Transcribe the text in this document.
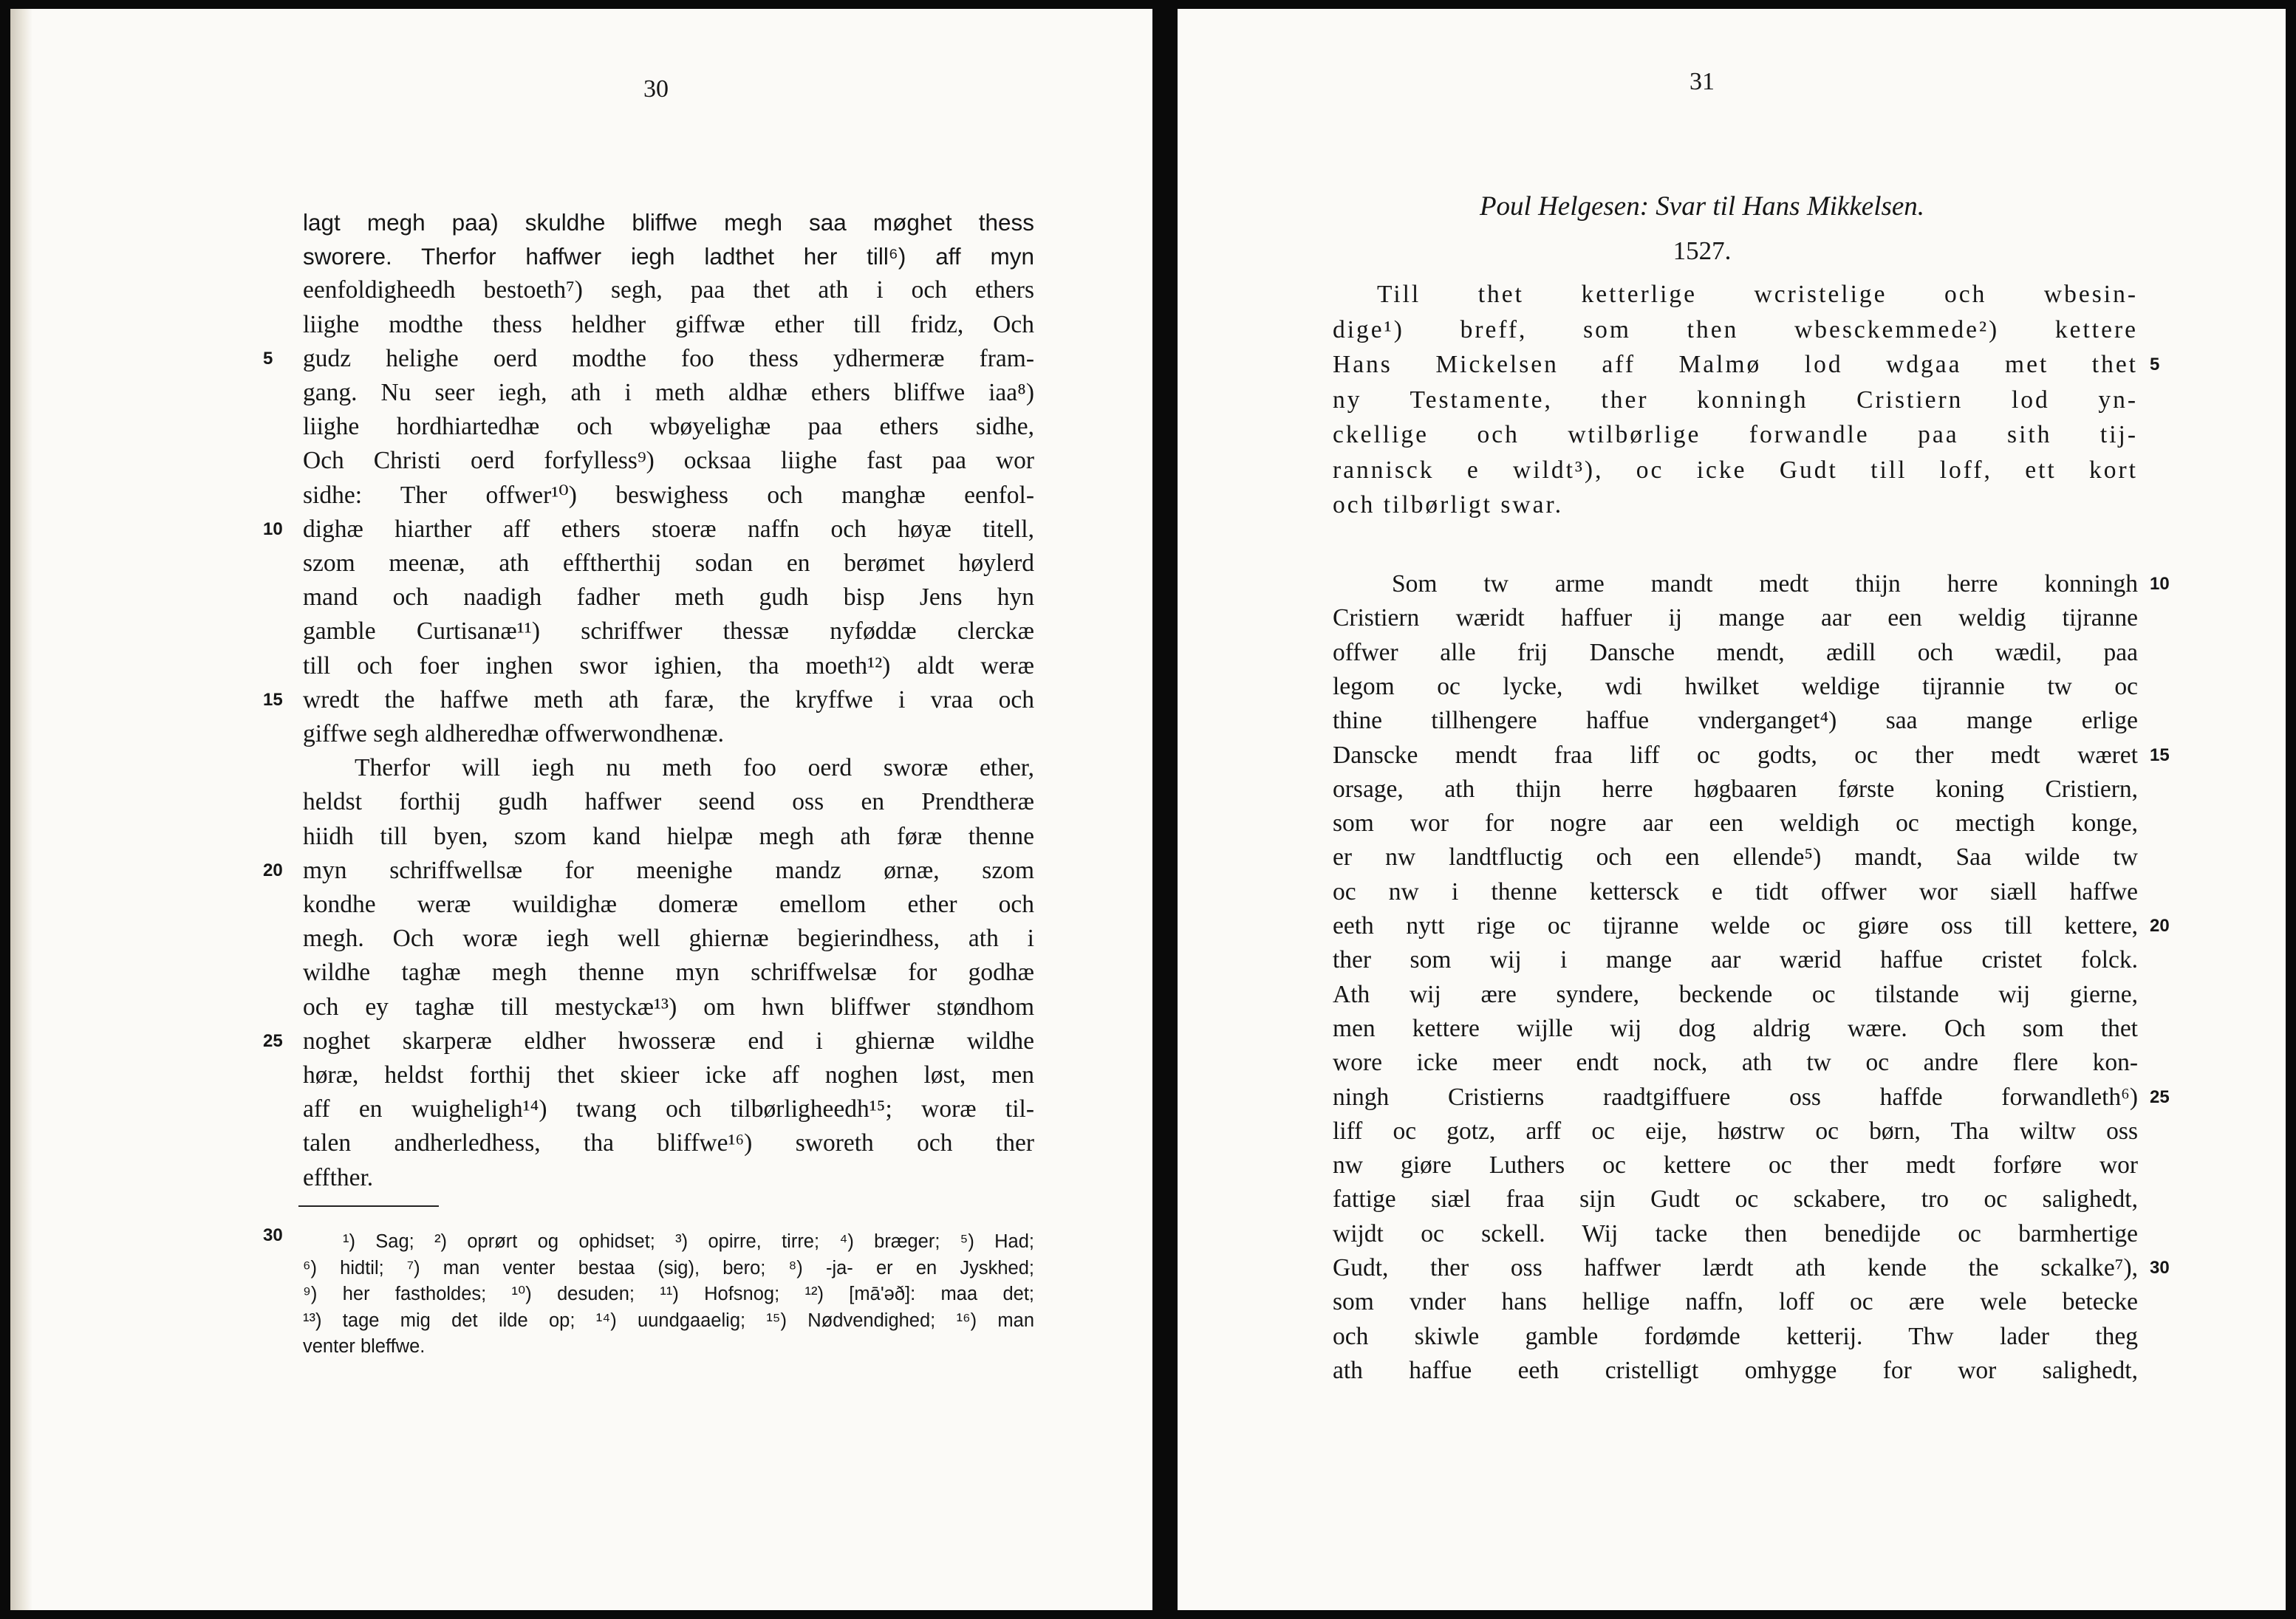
30
lagt megh paa) skuldhe bliffwe megh saa møghet thess
sworere. Therfor haffwer iegh ladthet her till⁶) aff myn
eenfoldigheedh bestoeth⁷) segh, paa thet ath i och ethers
liighe modthe thess heldher giffwæ ether till fridz, Och
gudz helighe oerd modthe foo thess ydhermeræ fram-
gang. Nu seer iegh, ath i meth aldhæ ethers bliffwe iaa⁸)
liighe hordhiartedhæ och wbøyelighæ paa ethers sidhe,
Och Christi oerd forfylless⁹) ocksaa liighe fast paa wor
sidhe: Ther offwer¹⁰) beswighess och manghæ eenfol-
dighæ hiarther aff ethers stoeræ naffn och høyæ titell,
szom meenæ, ath efftherthij sodan en berømet høylerd
mand och naadigh fadher meth gudh bisp Jens hyn
gamble Curtisanæ¹¹) schriffwer thessæ nyføddæ clerckæ
till och foer inghen swor ighien, tha moeth¹²) aldt weræ
wredt the haffwe meth ath faræ, the kryffwe i vraa och
giffwe segh aldheredhæ offwerwondhenæ.
Therfor will iegh nu meth foo oerd sworæ ether,
heldst forthij gudh haffwer seend oss en Prendtheræ
hiidh till byen, szom kand hielpæ megh ath føræ thenne
myn schriffwellsæ for meenighe mandz ørnæ, szom
kondhe weræ wuildighæ domeræ emellom ether och
megh. Och woræ iegh well ghiernæ begierindhess, ath i
wildhe taghæ megh thenne myn schriffwelsæ for godhæ
och ey taghæ till mestyckæ¹³) om hwn bliffwer støndhom
noghet skarperæ eldher hwosseræ end i ghiernæ wildhe
høræ, heldst forthij thet skieer icke aff noghen løst, men
aff en wuigheligh¹⁴) twang och tilbørligheedh¹⁵; woræ til-
talen andherledhess, tha bliffwe¹⁶) sworeth och ther
effther.
5
10
15
20
25
30	¹) Sag; ²) oprørt og ophidset; ³) opirre, tirre; ⁴) bræger; ⁵) Had;
⁶) hidtil; ⁷) man venter bestaa (sig), bero; ⁸) -ja- er en Jyskhed;
⁹) her fastholdes; ¹⁰) desuden; ¹¹) Hofsnog; ¹²) [mā'əð]: maa det;
¹³) tage mig det ilde op; ¹⁴) uundgaaelig; ¹⁵) Nødvendighed; ¹⁶) man
venter bleffwe.
31
Poul Helgesen: Svar til Hans Mikkelsen.
1527.
Till thet ketterlige wcristelige och wbesin-
dige¹) breff, som then wbesckemmede²) kettere
Hans Mickelsen aff Malmø lod wdgaa met thet
ny Testamente, ther konningh Cristiern lod yn-
ckellige och wtilbørlige forwandle paa sith tij-
rannisck e wildt³), oc icke Gudt till loff, ett kort
och tilbørligt swar.
Som tw arme mandt medt thijn herre konningh
Cristiern wæridt haffuer ij mange aar een weldig tijranne
offwer alle frij Dansche mendt, ædill och wædil, paa
legom oc lycke, wdi hwilket weldige tijrannie tw oc
thine tillhengere haffue vnderganget⁴) saa mange erlige
Danscke mendt fraa liff oc godts, oc ther medt wæret
orsage, ath thijn herre høgbaaren første koning Cristiern,
som wor for nogre aar een weldigh oc mectigh konge,
er nw landtfluctig och een ellende⁵) mandt, Saa wilde tw
oc nw i thenne kettersck e tidt offwer wor siæll haffwe
eeth nytt rige oc tijranne welde oc giøre oss till kettere,
ther som wij i mange aar wærid haffue cristet folck.
Ath wij ære syndere, beckende oc tilstande wij gierne,
men kettere wijlle wij dog aldrig wære. Och som thet
wore icke meer endt nock, ath tw oc andre flere kon-
ningh Cristierns raadtgiffuere oss haffde forwandleth⁶)
liff oc gotz, arff oc eije, høstrw oc børn, Tha wiltw oss
nw giøre Luthers oc kettere oc ther medt forføre wor
fattige siæl fraa sijn Gudt oc sckabere, tro oc salighedt,
wijdt oc sckell. Wij tacke then benedijde oc barmhertige
Gudt, ther oss haffwer lærdt ath kende the sckalke⁷),
som vnder hans hellige naffn, loff oc ære wele betecke
och skiwle gamble fordømde ketterij. Thw lader theg
ath haffue eeth cristelligt omhygge for wor salighedt,
5
10
15
20
25
30
